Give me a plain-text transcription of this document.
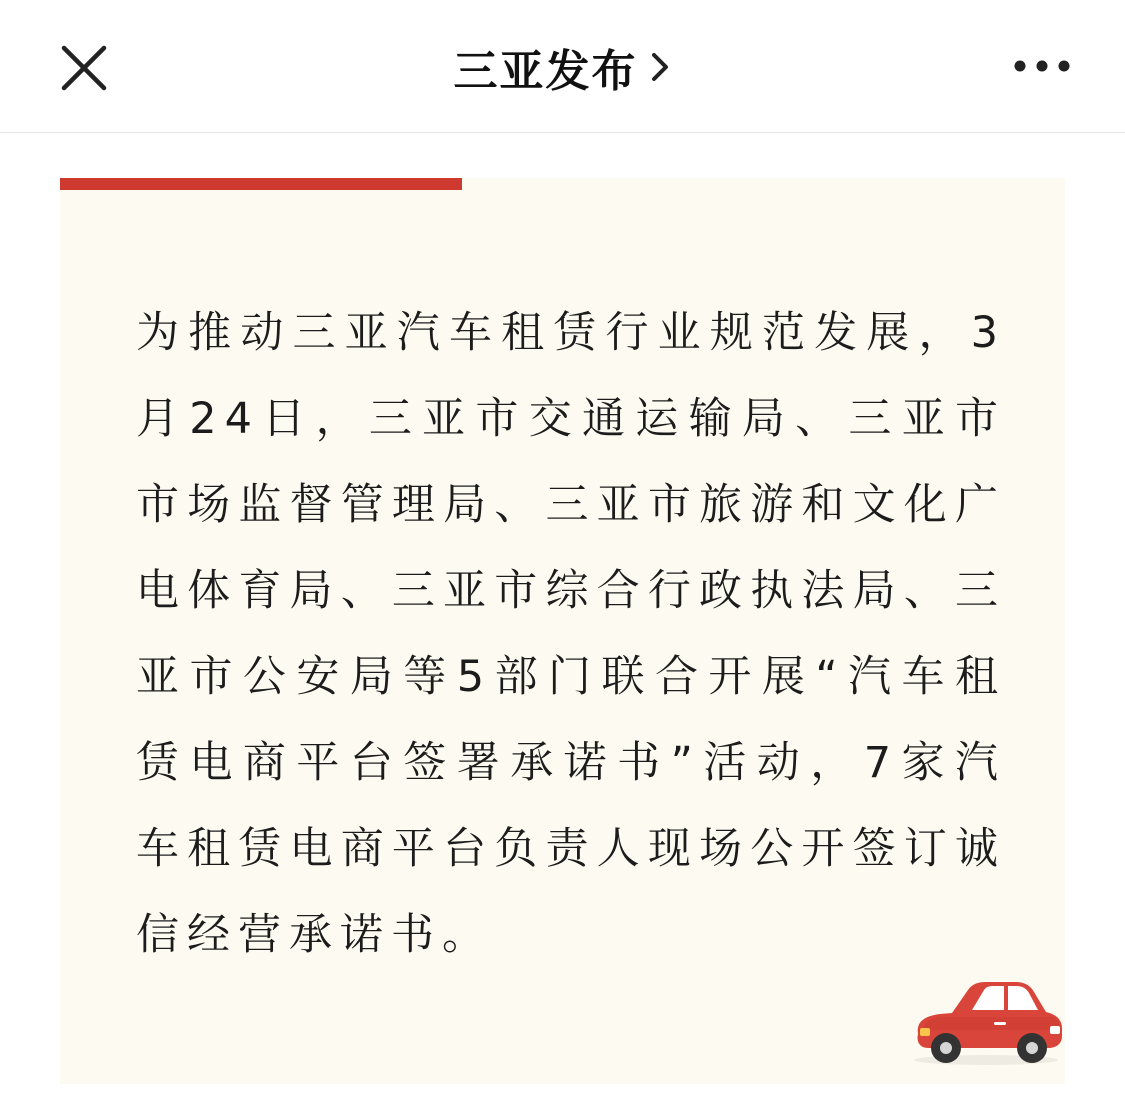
三亚发布
为推动三亚汽车租赁行业规范发展，3月24日，三亚市交通运输局、三亚市市场监督管理局、三亚市旅游和文化广电体育局、三亚市综合行政执法局、三亚市公安局等5部门联合开展“汽车租赁电商平台签署承诺书”活动，7家汽车租赁电商平台负责人现场公开签订诚信经营承诺书。
